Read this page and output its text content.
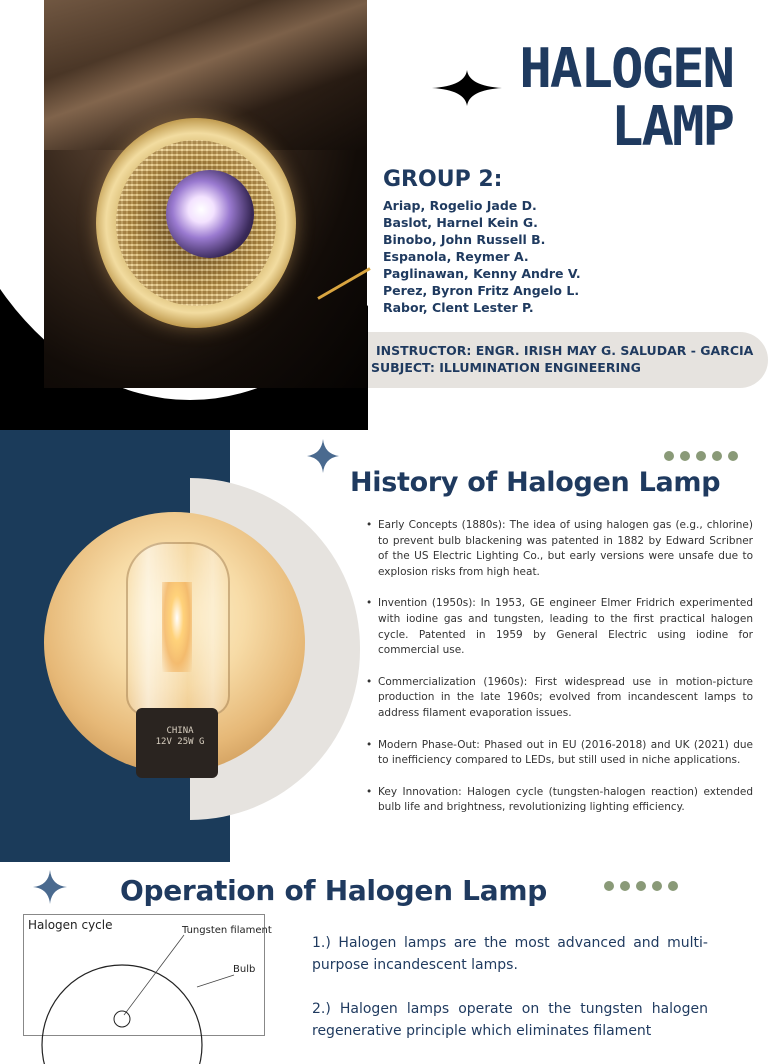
HALOGEN
LAMP
GROUP 2:
Ariap, Rogelio Jade D.
Baslot, Harnel Kein G.
Binobo, John Russell B.
Espanola, Reymer A.
Paglinawan, Kenny Andre V.
Perez, Byron Fritz Angelo L.
Rabor, Clent Lester P.
INSTRUCTOR: ENGR. IRISH MAY G. SALUDAR - GARCIA
SUBJECT: ILLUMINATION ENGINEERING
CHINA
12V 25W G
History of Halogen Lamp
• Early Concepts (1880s): The idea of using halogen gas (e.g., chlorine) to prevent bulb blackening was patented in 1882 by Edward Scribner of the US Electric Lighting Co., but early versions were unsafe due to explosion risks from high heat.
• Invention (1950s): In 1953, GE engineer Elmer Fridrich experimented with iodine gas and tungsten, leading to the first practical halogen cycle. Patented in 1959 by General Electric using iodine for commercial use.
• Commercialization (1960s): First widespread use in motion-picture production in the late 1960s; evolved from incandescent lamps to address filament evaporation issues.
• Modern Phase-Out: Phased out in EU (2016-2018) and UK (2021) due to inefficiency compared to LEDs, but still used in niche applications.
• Key Innovation: Halogen cycle (tungsten-halogen reaction) extended bulb life and brightness, revolutionizing lighting efficiency.
Operation of Halogen Lamp
Halogen cycle	Tungsten filament
Bulb
1.) Halogen lamps are the most advanced and multi-purpose incandescent lamps.
2.) Halogen lamps operate on the tungsten halogen regenerative principle which eliminates filament
